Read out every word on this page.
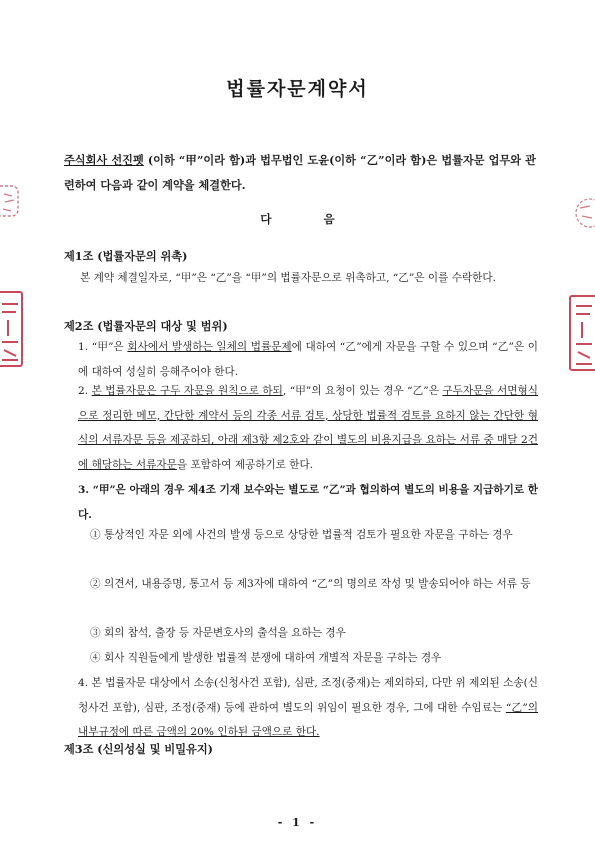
법률자문계약서
주식회사 선진펫 (이하 “甲”이라 함)과 법무법인 도윤(이하 “乙”이라 함)은 법률자문 업무와 관련하여 다음과 같이 계약을 체결한다.
다 음
제1조 (법률자문의 위촉)
본 계약 체결일자로, “甲”은 “乙”을 “甲”의 법률자문으로 위촉하고, “乙”은 이를 수락한다.
제2조 (법률자문의 대상 및 범위)
1. “甲”은 회사에서 발생하는 일체의 법률문제에 대하여 “乙”에게 자문을 구할 수 있으며 “乙”은 이에 대하여 성실히 응해주어야 한다.
2. 본 법률자문은 구두 자문을 원칙으로 하되, “甲”의 요청이 있는 경우 “乙”은 구두자문을 서면형식으로 정리한 메모, 간단한 계약서 등의 각종 서류 검토, 상당한 법률적 검토를 요하지 않는 간단한 형식의 서류자문 등을 제공하되, 아래 제3항 제2호와 같이 별도의 비용지급을 요하는 서류 중 매달 2건에 해당하는 서류자문을 포함하여 제공하기로 한다.
3. “甲”은 아래의 경우 제4조 기재 보수와는 별도로 “乙”과 협의하여 별도의 비용을 지급하기로 한다.
① 통상적인 자문 외에 사건의 발생 등으로 상당한 법률적 검토가 필요한 자문을 구하는 경우
② 의견서, 내용증명, 통고서 등 제3자에 대하여 “乙”의 명의로 작성 및 발송되어야 하는 서류 등
③ 회의 참석, 출장 등 자문변호사의 출석을 요하는 경우
④ 회사 직원들에게 발생한 법률적 분쟁에 대하여 개별적 자문을 구하는 경우
4. 본 법률자문 대상에서 소송(신청사건 포함), 심판, 조정(중재)는 제외하되, 다만 위 제외된 소송(신청사건 포함), 심판, 조정(중재) 등에 관하여 별도의 위임이 필요한 경우, 그에 대한 수임료는 “乙”의 내부규정에 따른 금액의 20% 인하된 금액으로 한다.
제3조 (신의성실 및 비밀유지)
- 1 -
